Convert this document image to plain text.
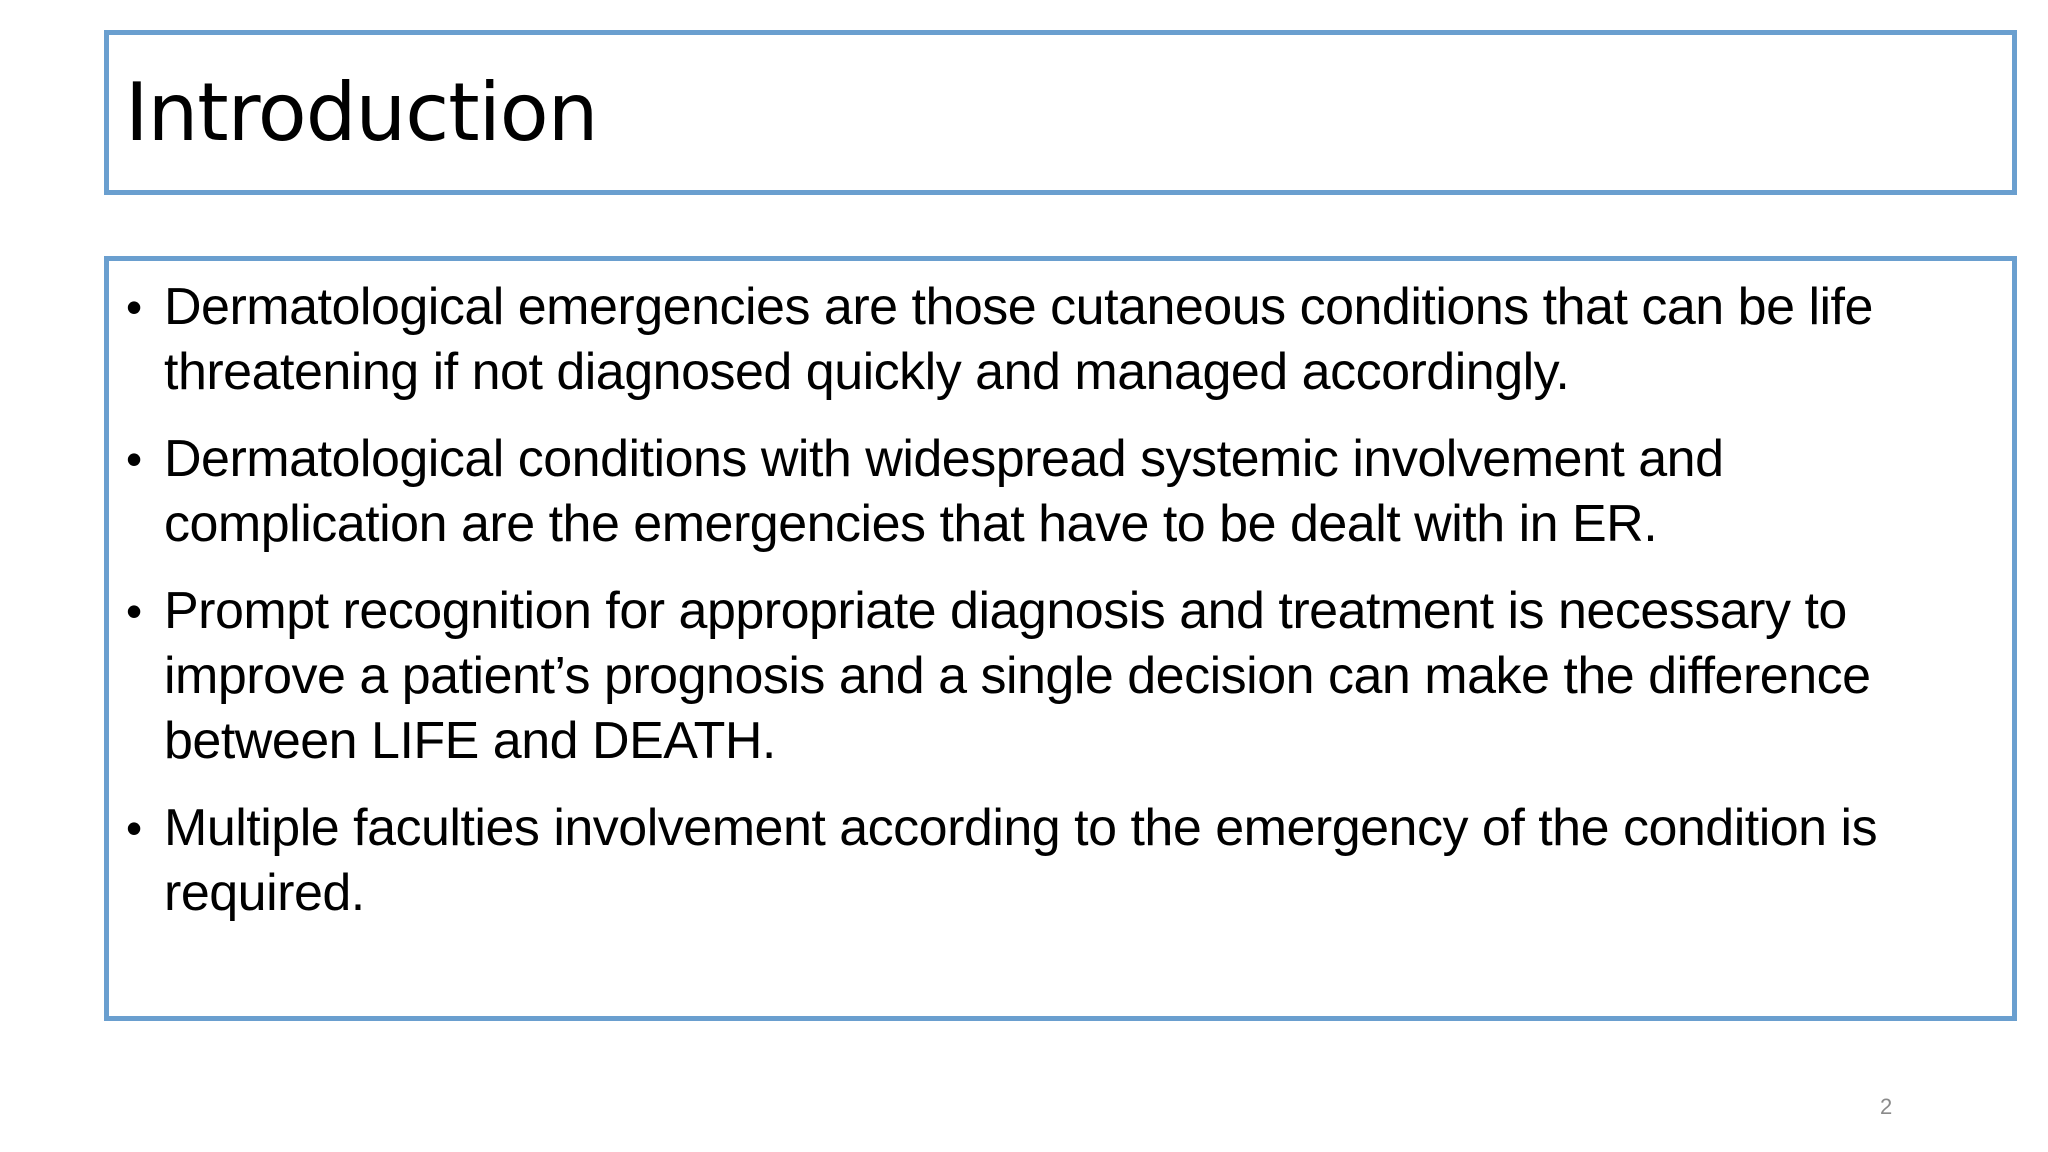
Introduction
• Dermatological emergencies are those cutaneous conditions that can be life threatening if not diagnosed quickly and managed accordingly.
• Dermatological conditions with widespread systemic involvement and complication are the emergencies that have to be dealt with in ER.
• Prompt recognition for appropriate diagnosis and treatment is necessary to improve a patient’s prognosis and a single decision can make the difference between LIFE and DEATH.
• Multiple faculties involvement according to the emergency of the condition is required.
2
